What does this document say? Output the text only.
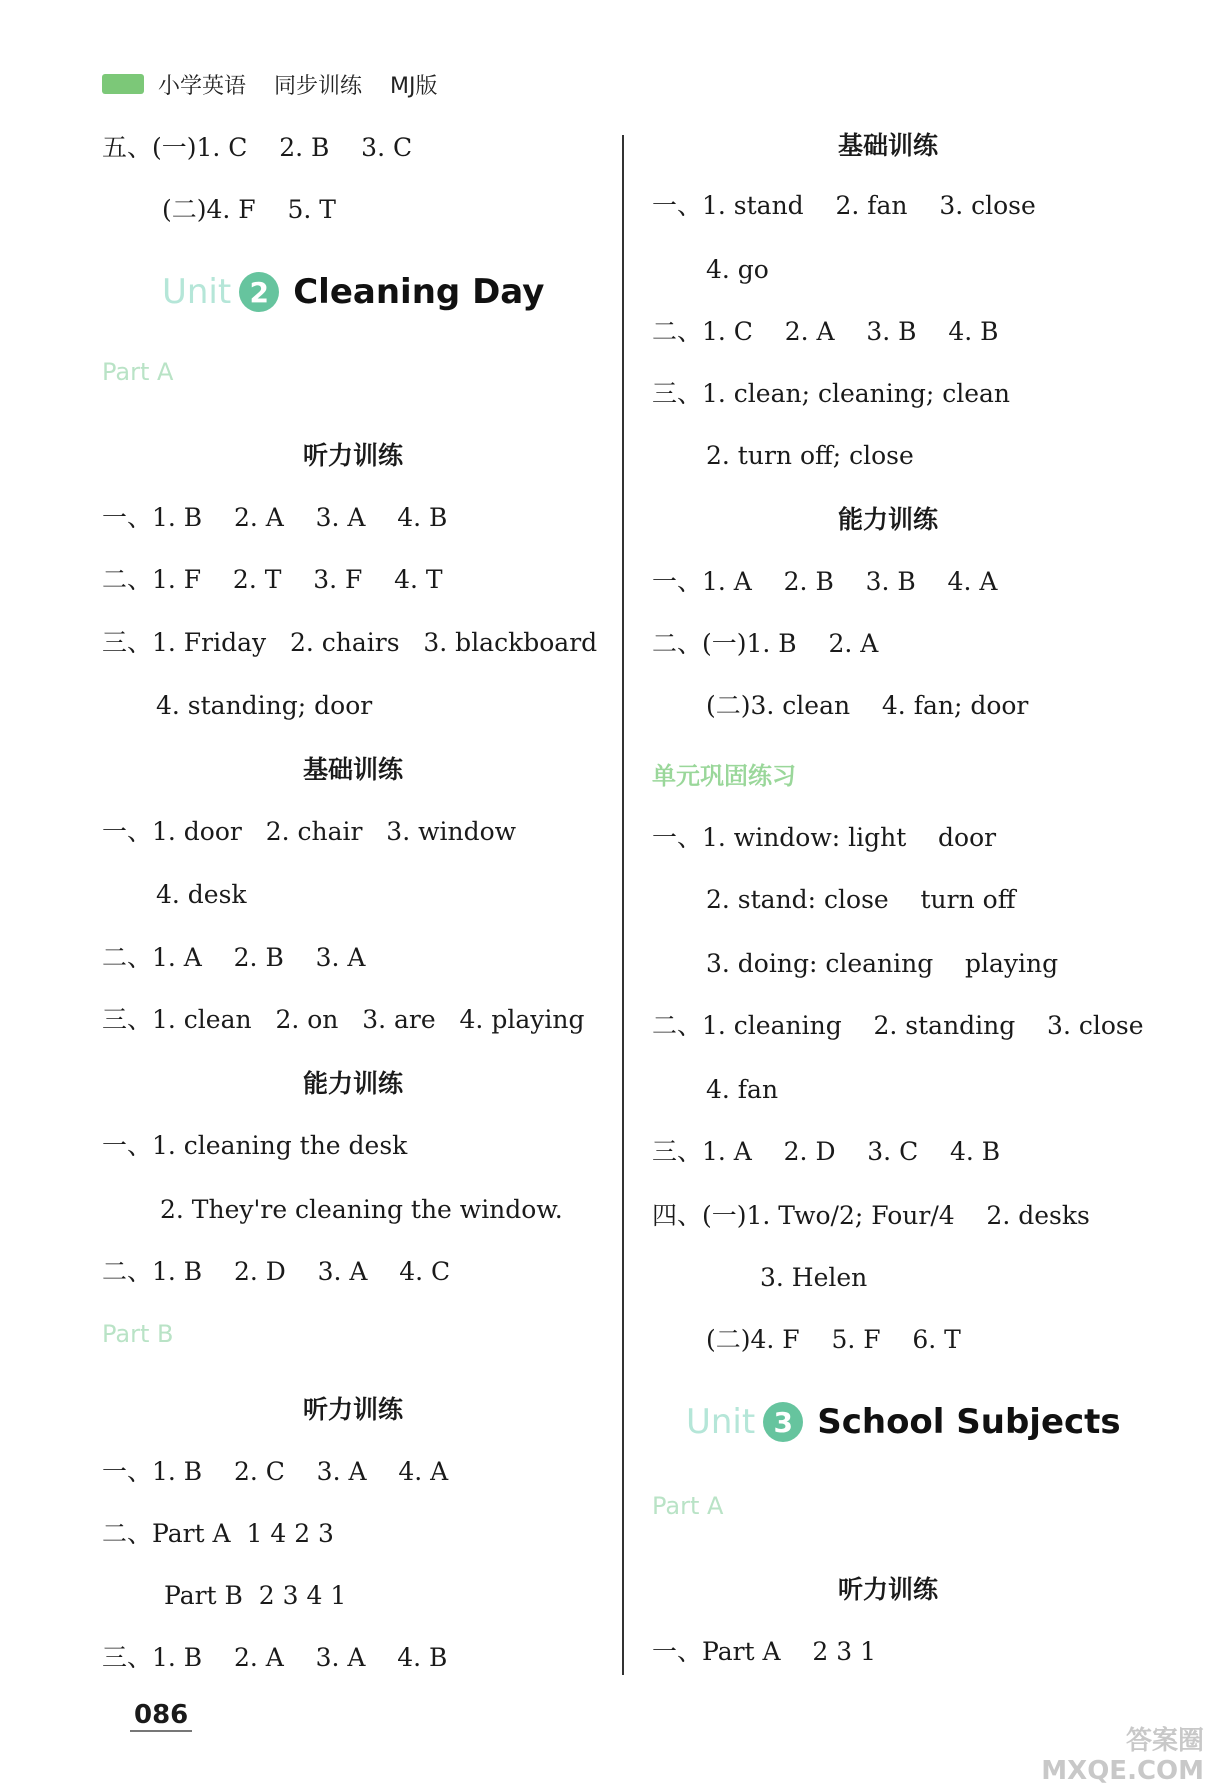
小学英语 同步训练 MJ版
五、(一)1. C    2. B    3. C
(二)4. F    5. T
Unit 2 Cleaning Day
Part A
听力训练
一、1. B    2. A    3. A    4. B
二、1. F    2. T    3. F    4. T
三、1. Friday   2. chairs   3. blackboard
4. standing; door
基础训练
一、1. door   2. chair   3. window
4. desk
二、1. A    2. B    3. A
三、1. clean   2. on   3. are   4. playing
能力训练
一、1. cleaning the desk
2. They're cleaning the window.
二、1. B    2. D    3. A    4. C
Part B
听力训练
一、1. B    2. C    3. A    4. A
二、Part A  1 4 2 3
Part B  2 3 4 1
三、1. B    2. A    3. A    4. B
086
基础训练
一、1. stand    2. fan    3. close
4. go
二、1. C    2. A    3. B    4. B
三、1. clean; cleaning; clean
2. turn off; close
能力训练
一、1. A    2. B    3. B    4. A
二、(一)1. B    2. A
(二)3. clean    4. fan; door
单元巩固练习
一、1. window: light    door
2. stand: close    turn off
3. doing: cleaning    playing
二、1. cleaning    2. standing    3. close
4. fan
三、1. A    2. D    3. C    4. B
四、(一)1. Two/2; Four/4    2. desks
3. Helen
(二)4. F    5. F    6. T
Unit 3 School Subjects
Part A
听力训练
一、Part A    2 3 1
答案圈
MXQE.COM
